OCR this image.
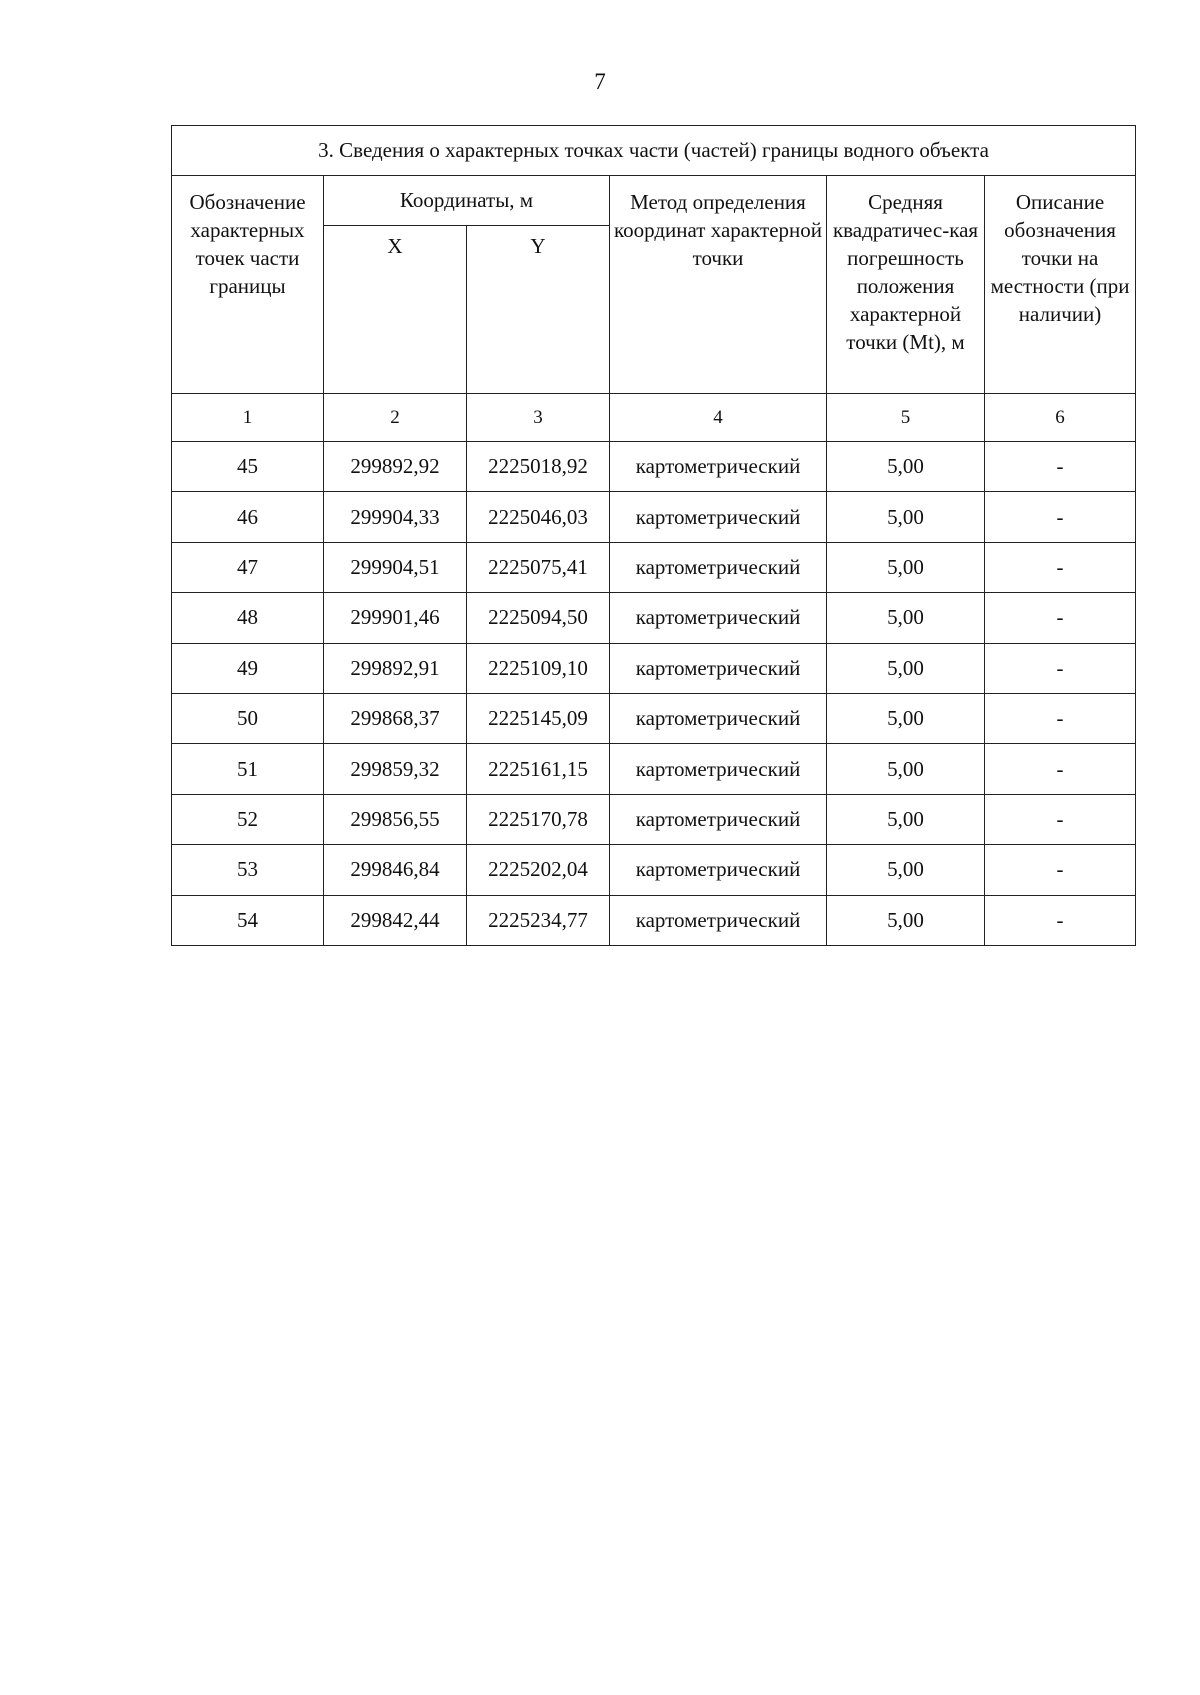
7
3. Сведения о характерных точках части (частей) границы водного объекта					
Обозначение характерных точек части границы	Координаты, м		Метод определения координат характерной точки	Средняя квадратичес-кая погрешность положения характерной точки (Mt), м	Описание обозначения точки на местности (при наличии)
	X	Y			
1	2	3	4	5	6
45	299892,92	2225018,92	картометрический	5,00	-
46	299904,33	2225046,03	картометрический	5,00	-
47	299904,51	2225075,41	картометрический	5,00	-
48	299901,46	2225094,50	картометрический	5,00	-
49	299892,91	2225109,10	картометрический	5,00	-
50	299868,37	2225145,09	картометрический	5,00	-
51	299859,32	2225161,15	картометрический	5,00	-
52	299856,55	2225170,78	картометрический	5,00	-
53	299846,84	2225202,04	картометрический	5,00	-
54	299842,44	2225234,77	картометрический	5,00	-
